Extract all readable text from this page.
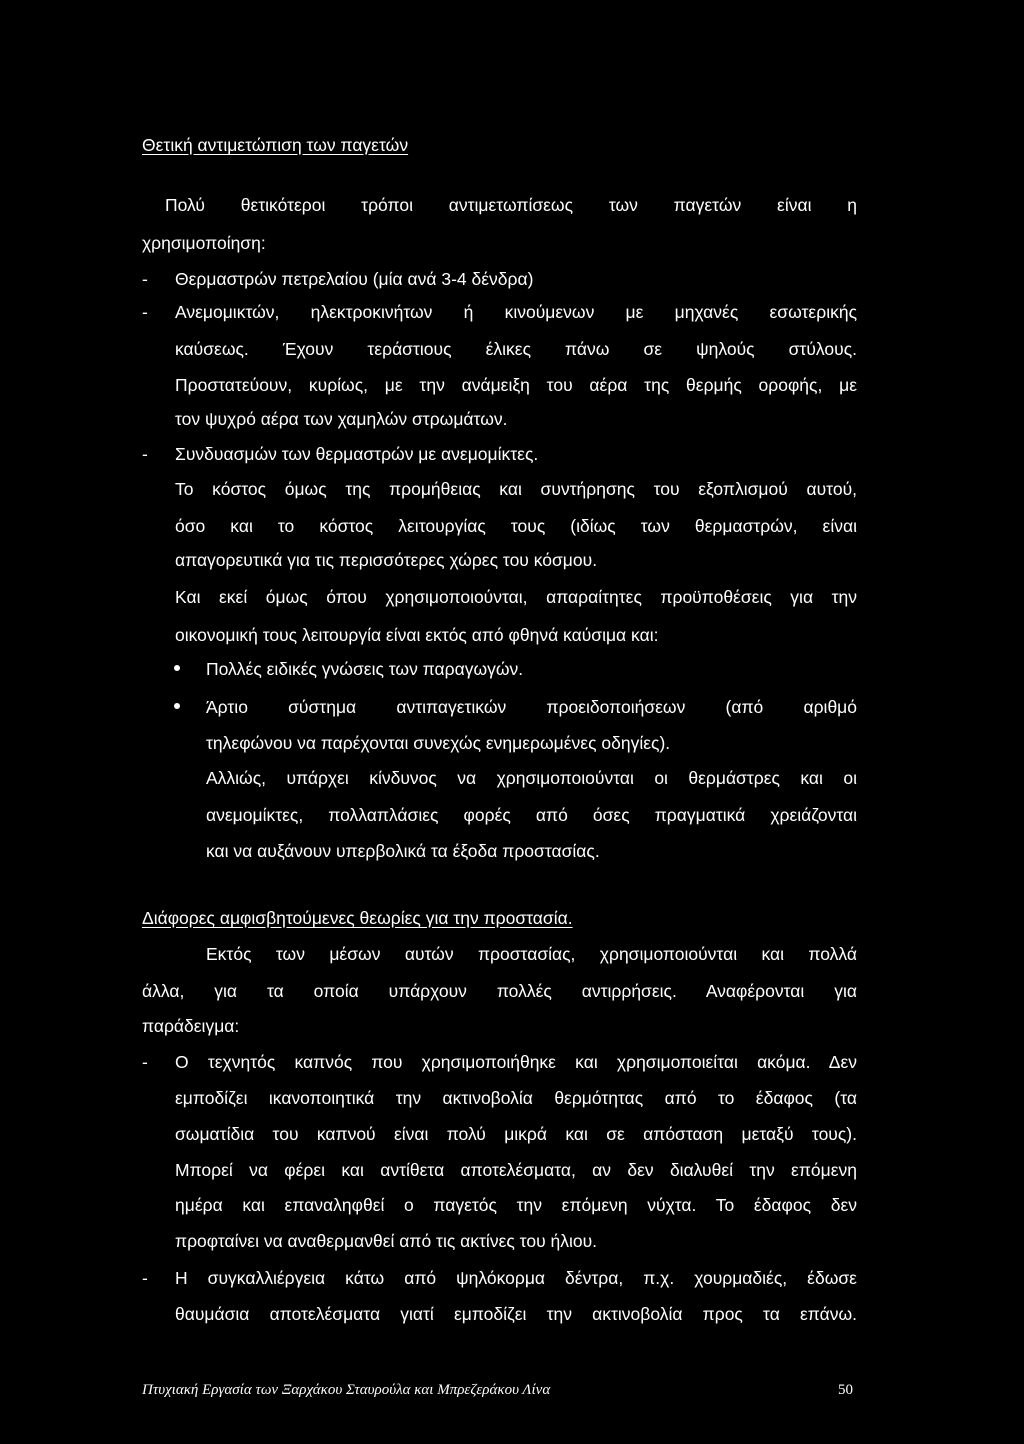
Θετική αντιμετώπιση των παγετών
Πολύ θετικότεροι τρόποι αντιμετωπίσεως των παγετών είναι η
χρησιμοποίηση:
- Θερμαστρών πετρελαίου (μία ανά 3-4 δένδρα)
- Ανεμομικτών, ηλεκτροκινήτων ή κινούμενων με μηχανές εσωτερικής
καύσεως. Έχουν τεράστιους έλικες πάνω σε ψηλούς στύλους.
Προστατεύουν, κυρίως, με την ανάμειξη του αέρα της θερμής οροφής, με
τον ψυχρό αέρα των χαμηλών στρωμάτων.
- Συνδυασμών των θερμαστρών με ανεμομίκτες.
Το κόστος όμως της προμήθειας και συντήρησης του εξοπλισμού αυτού,
όσο και το κόστος λειτουργίας τους (ιδίως των θερμαστρών, είναι
απαγορευτικά για τις περισσότερες χώρες του κόσμου.
Και εκεί όμως όπου χρησιμοποιούνται, απαραίτητες προϋποθέσεις για την
οικονομική τους λειτουργία είναι εκτός από φθηνά καύσιμα και:
Πολλές ειδικές γνώσεις των παραγωγών.
Άρτιο σύστημα αντιπαγετικών προειδοποιήσεων (από αριθμό
τηλεφώνου να παρέχονται συνεχώς ενημερωμένες οδηγίες).
Αλλιώς, υπάρχει κίνδυνος να χρησιμοποιούνται οι θερμάστρες και οι
ανεμομίκτες, πολλαπλάσιες φορές από όσες πραγματικά χρειάζονται
και να αυξάνουν υπερβολικά τα έξοδα προστασίας.
Διάφορες αμφισβητούμενες θεωρίες για την προστασία.
Εκτός των μέσων αυτών προστασίας, χρησιμοποιούνται και πολλά
άλλα, για τα οποία υπάρχουν πολλές αντιρρήσεις. Αναφέρονται για
παράδειγμα:
- Ο τεχνητός καπνός που χρησιμοποιήθηκε και χρησιμοποιείται ακόμα. Δεν
εμποδίζει ικανοποιητικά την ακτινοβολία θερμότητας από το έδαφος (τα
σωματίδια του καπνού είναι πολύ μικρά και σε απόσταση μεταξύ τους).
Μπορεί να φέρει και αντίθετα αποτελέσματα, αν δεν διαλυθεί την επόμενη
ημέρα και επαναληφθεί ο παγετός την επόμενη νύχτα. Το έδαφος δεν
προφταίνει να αναθερμανθεί από τις ακτίνες του ήλιου.
- Η συγκαλλιέργεια κάτω από ψηλόκορμα δέντρα, π.χ. χουρμαδιές, έδωσε
θαυμάσια αποτελέσματα γιατί εμποδίζει την ακτινοβολία προς τα επάνω.
Πτυχιακή Εργασία των Ξαρχάκου Σταυρούλα και Μπρεζεράκου Λίνα	50
